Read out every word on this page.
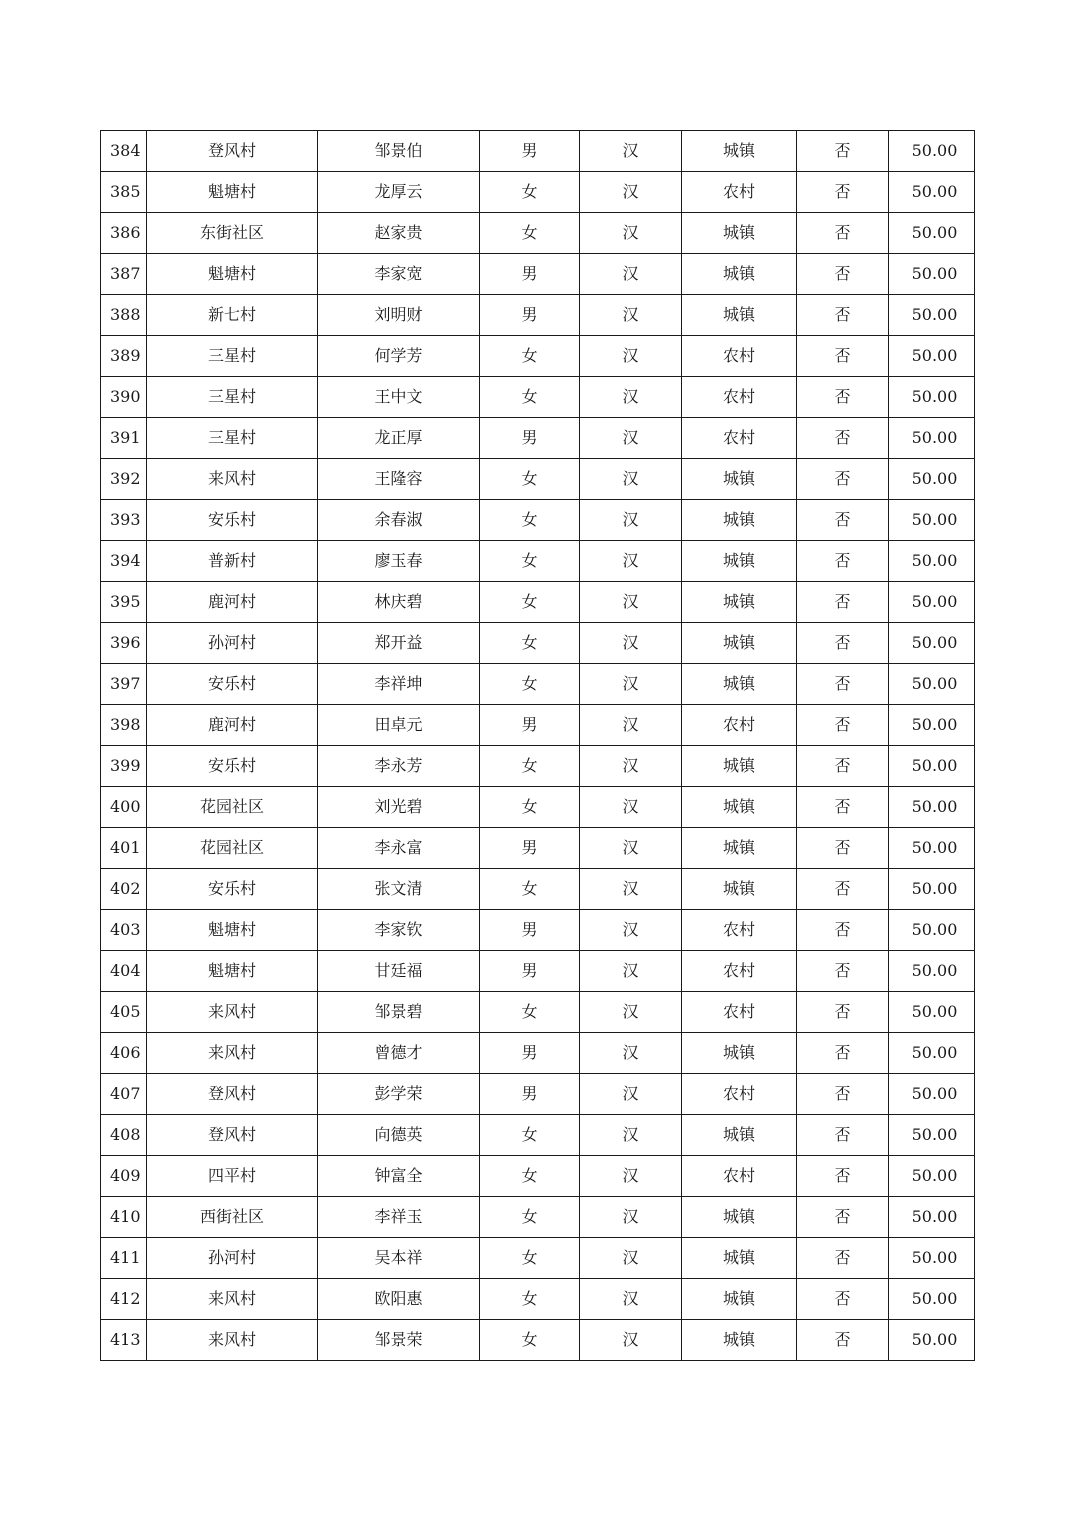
384	登风村	邹景伯	男	汉	城镇	否	50.00
385	魁塘村	龙厚云	女	汉	农村	否	50.00
386	东街社区	赵家贵	女	汉	城镇	否	50.00
387	魁塘村	李家宽	男	汉	城镇	否	50.00
388	新七村	刘明财	男	汉	城镇	否	50.00
389	三星村	何学芳	女	汉	农村	否	50.00
390	三星村	王中文	女	汉	农村	否	50.00
391	三星村	龙正厚	男	汉	农村	否	50.00
392	来风村	王隆容	女	汉	城镇	否	50.00
393	安乐村	余春淑	女	汉	城镇	否	50.00
394	普新村	廖玉春	女	汉	城镇	否	50.00
395	鹿河村	林庆碧	女	汉	城镇	否	50.00
396	孙河村	郑开益	女	汉	城镇	否	50.00
397	安乐村	李祥坤	女	汉	城镇	否	50.00
398	鹿河村	田卓元	男	汉	农村	否	50.00
399	安乐村	李永芳	女	汉	城镇	否	50.00
400	花园社区	刘光碧	女	汉	城镇	否	50.00
401	花园社区	李永富	男	汉	城镇	否	50.00
402	安乐村	张文清	女	汉	城镇	否	50.00
403	魁塘村	李家钦	男	汉	农村	否	50.00
404	魁塘村	甘廷福	男	汉	农村	否	50.00
405	来风村	邹景碧	女	汉	农村	否	50.00
406	来风村	曾德才	男	汉	城镇	否	50.00
407	登风村	彭学荣	男	汉	农村	否	50.00
408	登风村	向德英	女	汉	城镇	否	50.00
409	四平村	钟富全	女	汉	农村	否	50.00
410	西街社区	李祥玉	女	汉	城镇	否	50.00
411	孙河村	吴本祥	女	汉	城镇	否	50.00
412	来风村	欧阳惠	女	汉	城镇	否	50.00
413	来风村	邹景荣	女	汉	城镇	否	50.00
